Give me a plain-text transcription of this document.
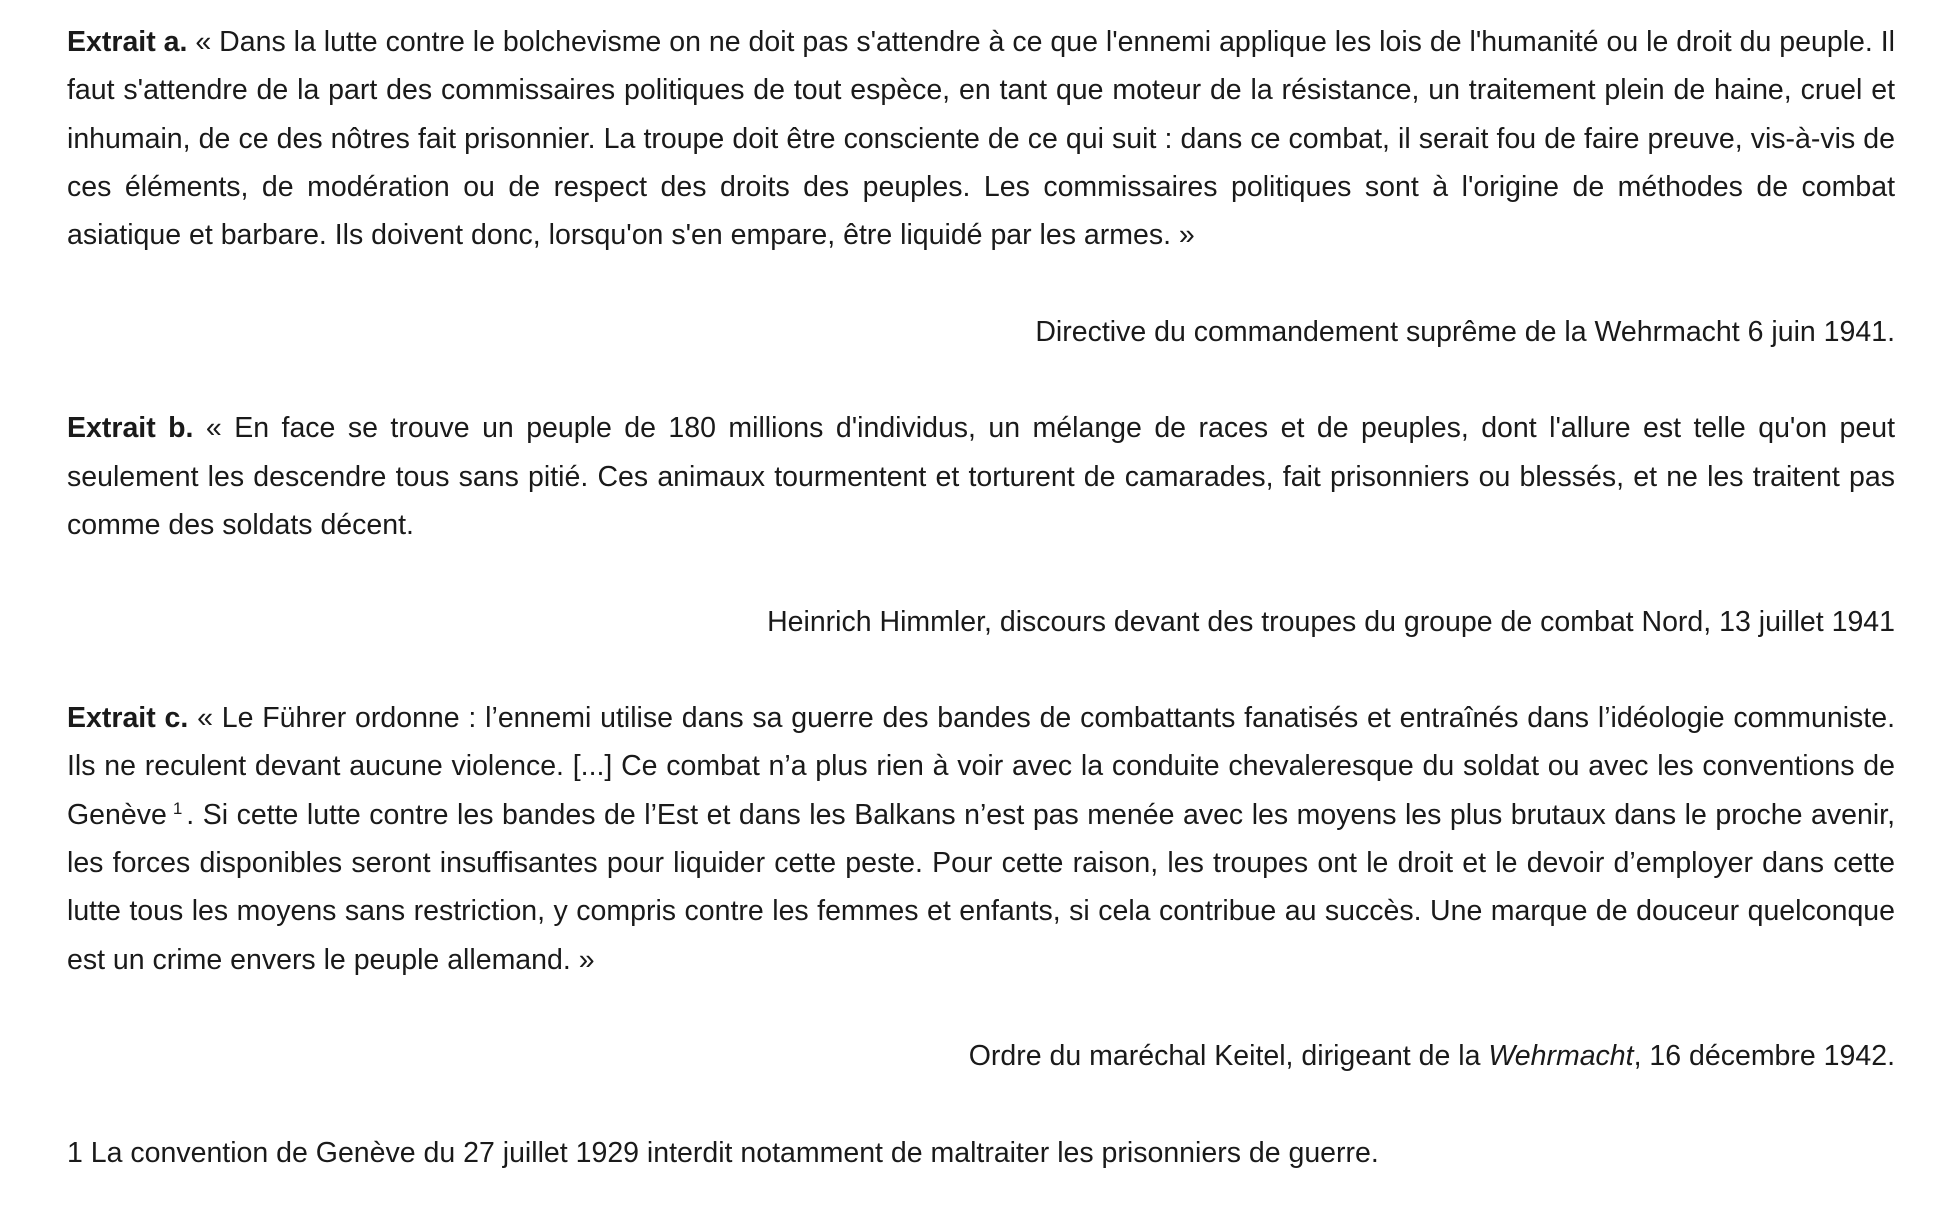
Extrait a. « Dans la lutte contre le bolchevisme on ne doit pas s'attendre à ce que l'ennemi applique les lois de l'humanité ou le droit du peuple. Il faut s'attendre de la part des commissaires politiques de tout espèce, en tant que moteur de la résistance, un traitement plein de haine, cruel et inhumain, de ce des nôtres fait prisonnier. La troupe doit être consciente de ce qui suit : dans ce combat, il serait fou de faire preuve, vis-à-vis de ces éléments, de modération ou de respect des droits des peuples. Les commissaires politiques sont à l'origine de méthodes de combat asiatique et barbare. Ils doivent donc, lorsqu'on s'en empare, être liquidé par les armes. »

Directive du commandement suprême de la Wehrmacht 6 juin 1941.

Extrait b. « En face se trouve un peuple de 180 millions d'individus, un mélange de races et de peuples, dont l'allure est telle qu'on peut seulement les descendre tous sans pitié. Ces animaux tourmentent et torturent de camarades, fait prisonniers ou blessés, et ne les traitent pas comme des soldats décent.

Heinrich Himmler, discours devant des troupes du groupe de combat Nord, 13 juillet 1941

Extrait c. « Le Führer ordonne : l’ennemi utilise dans sa guerre des bandes de combattants fanatisés et entraînés dans l’idéologie communiste. Ils ne reculent devant aucune violence. [...] Ce combat n’a plus rien à voir avec la conduite chevaleresque du soldat ou avec les conventions de Genève $^1$ . Si cette lutte contre les bandes de l’Est et dans les Balkans n’est pas menée avec les moyens les plus brutaux dans le proche avenir, les forces disponibles seront insuffisantes pour liquider cette peste. Pour cette raison, les troupes ont le droit et le devoir d’employer dans cette lutte tous les moyens sans restriction, y compris contre les femmes et enfants, si cela contribue au succès. Une marque de douceur quelconque est un crime envers le peuple allemand. »

Ordre du maréchal Keitel, dirigeant de la Wehrmacht, 16 décembre 1942.

1 La convention de Genève du 27 juillet 1929 interdit notamment de maltraiter les prisonniers de guerre.
